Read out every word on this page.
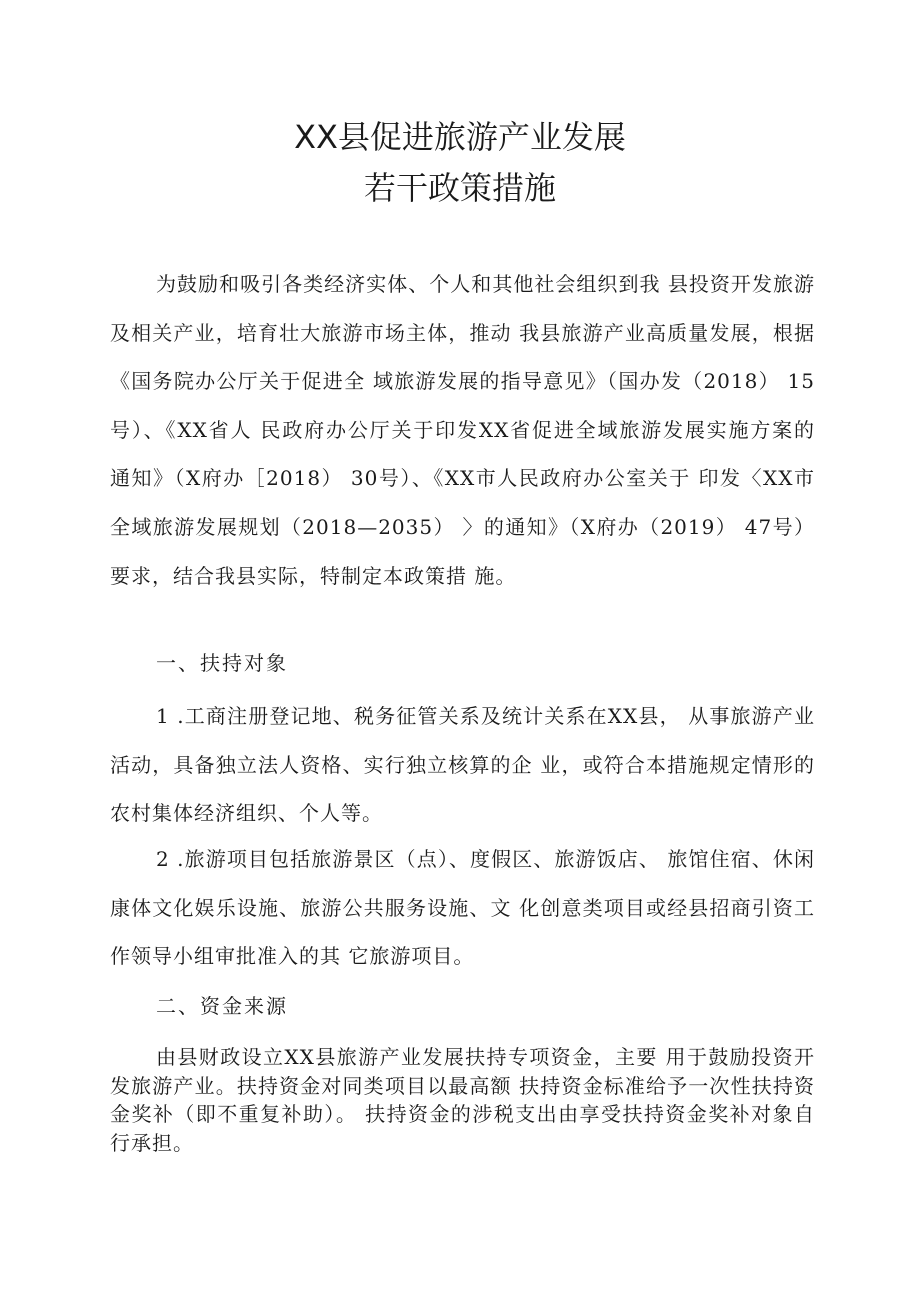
XX县促进旅游产业发展
若干政策措施

为鼓励和吸引各类经济实体、个人和其他社会组织到我 县投资开发旅游及相关产业，培育壮大旅游市场主体，推动 我县旅游产业高质量发展，根据《国务院办公厅关于促进全 域旅游发展的指导意见》（国办发（2018） 15号）、《XX省人 民政府办公厅关于印发XX省促进全域旅游发展实施方案的 通知》（X府办［2018） 30号）、《XX市人民政府办公室关于 印发〈XX市全域旅游发展规划（2018—2035） 〉的通知》（X府办（2019） 47号）要求，结合我县实际，特制定本政策措 施。

一、扶持对象

1 .工商注册登记地、税务征管关系及统计关系在XX县， 从事旅游产业活动，具备独立法人资格、实行独立核算的企 业，或符合本措施规定情形的农村集体经济组织、个人等。

2 .旅游项目包括旅游景区（点）、度假区、旅游饭店、 旅馆住宿、休闲康体文化娱乐设施、旅游公共服务设施、文 化创意类项目或经县招商引资工作领导小组审批准入的其 它旅游项目。

二、资金来源

由县财政设立XX县旅游产业发展扶持专项资金，主要 用于鼓励投资开发旅游产业。扶持资金对同类项目以最高额 扶持资金标准给予一次性扶持资金奖补（即不重复补助）。 扶持资金的涉税支出由享受扶持资金奖补对象自行承担。
